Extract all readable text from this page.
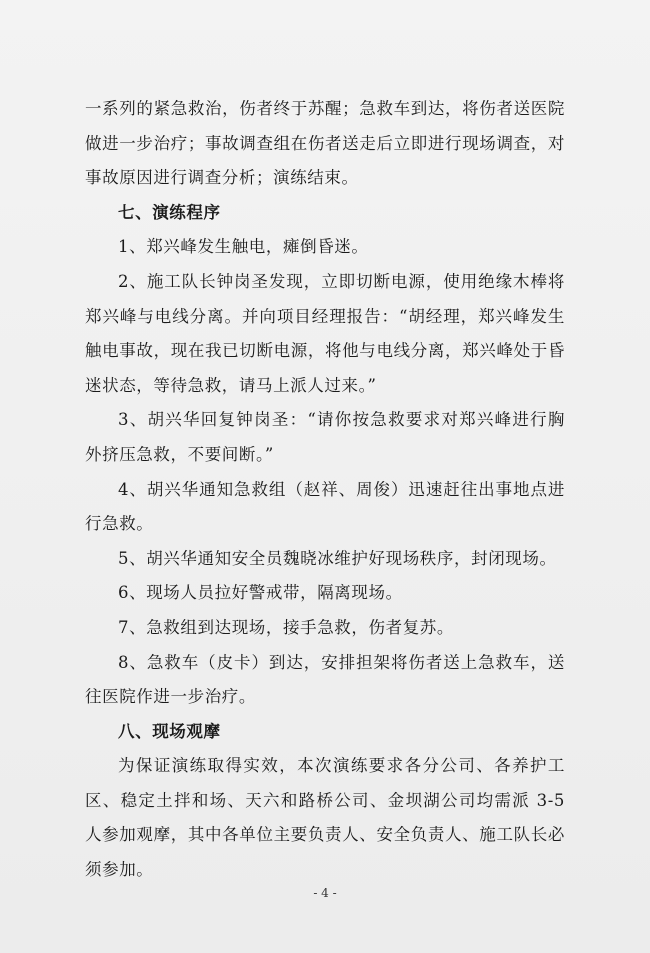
一系列的紧急救治，伤者终于苏醒；急救车到达，将伤者送医院做进一步治疗；事故调查组在伤者送走后立即进行现场调查，对事故原因进行调查分析；演练结束。

七、演练程序

1、郑兴峰发生触电，瘫倒昏迷。

2、施工队长钟岗圣发现，立即切断电源，使用绝缘木棒将郑兴峰与电线分离。并向项目经理报告：“胡经理，郑兴峰发生触电事故，现在我已切断电源，将他与电线分离，郑兴峰处于昏迷状态，等待急救，请马上派人过来。”

3、胡兴华回复钟岗圣：“请你按急救要求对郑兴峰进行胸外挤压急救，不要间断。”

4、胡兴华通知急救组（赵祥、周俊）迅速赶往出事地点进行急救。

5、胡兴华通知安全员魏晓冰维护好现场秩序，封闭现场。

6、现场人员拉好警戒带，隔离现场。

7、急救组到达现场，接手急救，伤者复苏。

8、急救车（皮卡）到达，安排担架将伤者送上急救车，送往医院作进一步治疗。

八、现场观摩

为保证演练取得实效，本次演练要求各分公司、各养护工区、稳定土拌和场、天六和路桥公司、金坝湖公司均需派 3-5 人参加观摩，其中各单位主要负责人、安全负责人、施工队长必须参加。

- 4 -
